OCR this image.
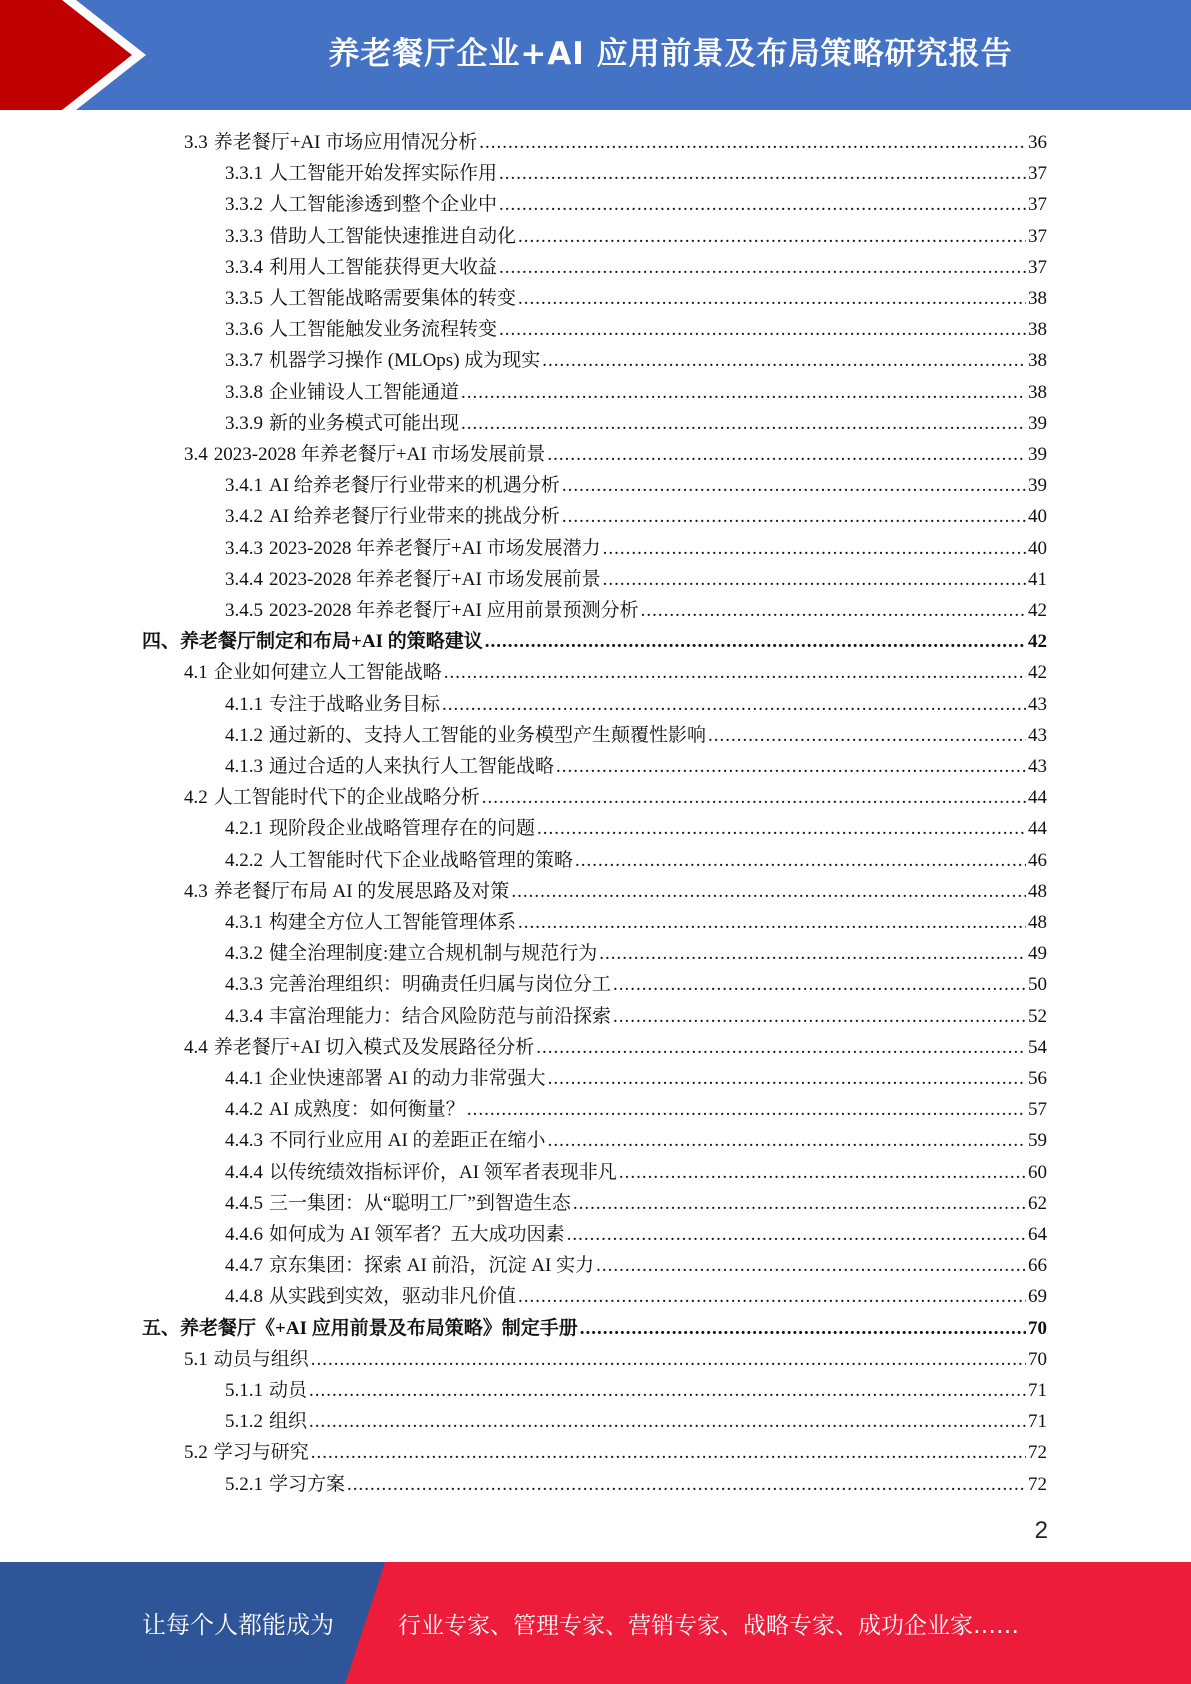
养老餐厅企业+AI 应用前景及布局策略研究报告
3.3 养老餐厅+AI 市场应用情况分析 .....	36
3.3.1 人工智能开始发挥实际作用 .....	37
3.3.2 人工智能渗透到整个企业中 .....	37
3.3.3 借助人工智能快速推进自动化 .....	37
3.3.4 利用人工智能获得更大收益 .....	37
3.3.5 人工智能战略需要集体的转变 .....	38
3.3.6 人工智能触发业务流程转变 .....	38
3.3.7 机器学习操作 (MLOps) 成为现实 .....	38
3.3.8 企业铺设人工智能通道 .....	38
3.3.9 新的业务模式可能出现 .....	39
3.4 2023-2028 年养老餐厅+AI 市场发展前景 .....	39
3.4.1 AI 给养老餐厅行业带来的机遇分析 .....	39
3.4.2 AI 给养老餐厅行业带来的挑战分析 .....	40
3.4.3 2023-2028 年养老餐厅+AI 市场发展潜力 .....	40
3.4.4 2023-2028 年养老餐厅+AI 市场发展前景 .....	41
3.4.5 2023-2028 年养老餐厅+AI 应用前景预测分析 .....	42
四、 养老餐厅制定和布局+AI 的策略建议 .....	42
4.1 企业如何建立人工智能战略 .....	42
4.1.1 专注于战略业务目标 .....	43
4.1.2 通过新的、支持人工智能的业务模型产生颠覆性影响 .....	43
4.1.3 通过合适的人来执行人工智能战略 .....	43
4.2 人工智能时代下的企业战略分析 .....	44
4.2.1 现阶段企业战略管理存在的问题 .....	44
4.2.2 人工智能时代下企业战略管理的策略 .....	46
4.3 养老餐厅布局 AI 的发展思路及对策 .....	48
4.3.1 构建全方位人工智能管理体系 .....	48
4.3.2 健全治理制度:建立合规机制与规范行为 .....	49
4.3.3 完善治理组织：明确责任归属与岗位分工 .....	50
4.3.4 丰富治理能力：结合风险防范与前沿探索 .....	52
4.4 养老餐厅+AI 切入模式及发展路径分析 .....	54
4.4.1 企业快速部署 AI 的动力非常强大 .....	56
4.4.2 AI 成熟度：如何衡量？ .....	57
4.4.3 不同行业应用 AI 的差距正在缩小 .....	59
4.4.4 以传统绩效指标评价，AI 领军者表现非凡 .....	60
4.4.5 三一集团：从“聪明工厂”到智造生态 .....	62
4.4.6 如何成为 AI 领军者？五大成功因素 .....	64
4.4.7 京东集团：探索 AI 前沿，沉淀 AI 实力 .....	66
4.4.8 从实践到实效，驱动非凡价值 .....	69
五、 养老餐厅《+AI 应用前景及布局策略》制定手册 .....	70
5.1 动员与组织 .....	70
5.1.1 动员 .....	71
5.1.2 组织 .....	71
5.2 学习与研究 .....	72
5.2.1 学习方案 .....	72
2
让每个人都能成为	行业专家、管理专家、营销专家、战略专家、成功企业家……
